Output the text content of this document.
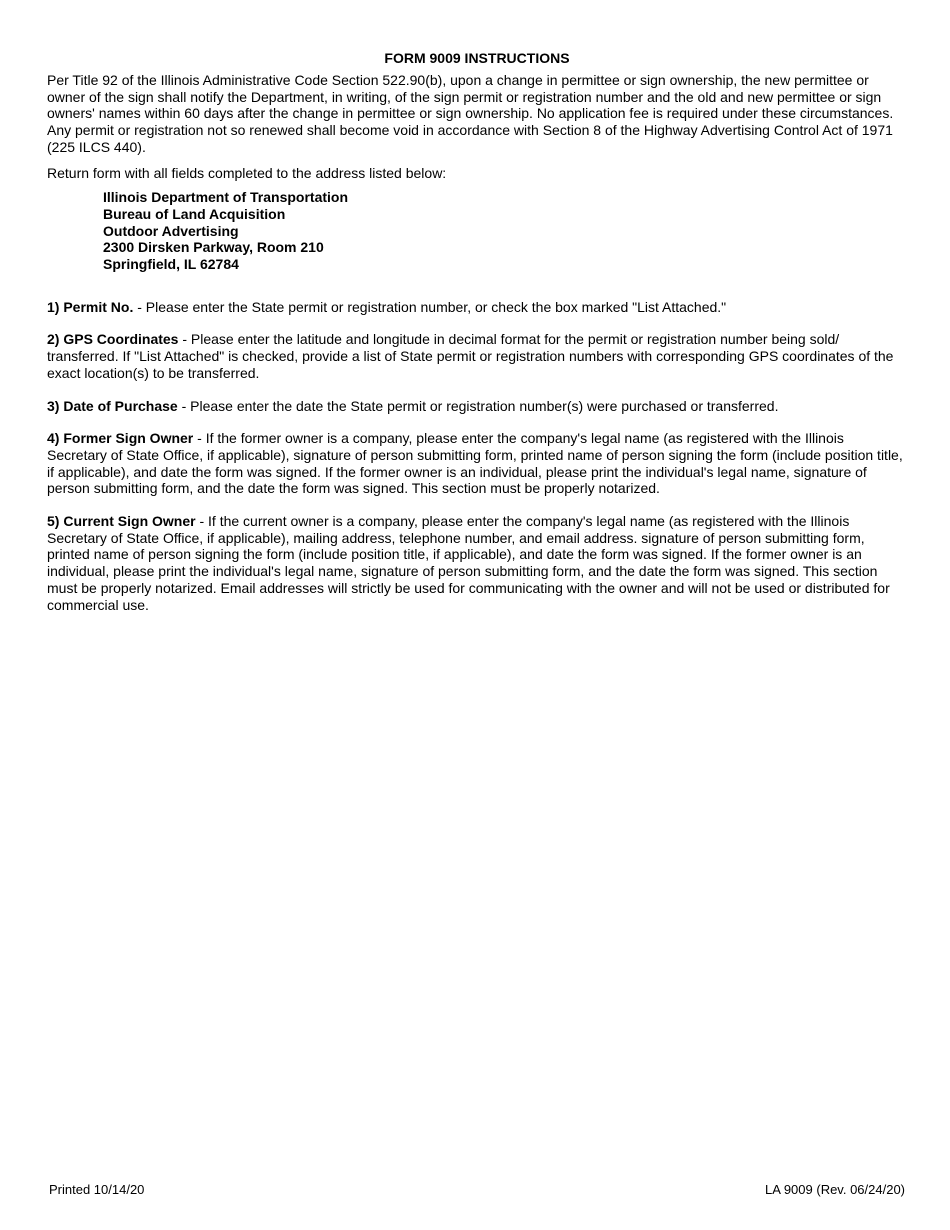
FORM 9009 INSTRUCTIONS

Per Title 92 of the Illinois Administrative Code Section 522.90(b), upon a change in permittee or sign ownership, the new permittee or owner of the sign shall notify the Department, in writing, of the sign permit or registration number and the old and new permittee or sign owners' names within 60 days after the change in permittee or sign ownership. No application fee is required under these circumstances. Any permit or registration not so renewed shall become void in accordance with Section 8 of the Highway Advertising Control Act of 1971 (225 ILCS 440).

Return form with all fields completed to the address listed below:

Illinois Department of Transportation
Bureau of Land Acquisition
Outdoor Advertising
2300 Dirsken Parkway, Room 210
Springfield, IL 62784

1) Permit No. - Please enter the State permit or registration number, or check the box marked "List Attached."

2) GPS Coordinates - Please enter the latitude and longitude in decimal format for the permit or registration number being sold/ transferred. If "List Attached" is checked, provide a list of State permit or registration numbers with corresponding GPS coordinates of the exact location(s) to be transferred.

3) Date of Purchase - Please enter the date the State permit or registration number(s) were purchased or transferred.

4) Former Sign Owner - If the former owner is a company, please enter the company's legal name (as registered with the Illinois Secretary of State Office, if applicable), signature of person submitting form, printed name of person signing the form (include position title, if applicable), and date the form was signed. If the former owner is an individual, please print the individual's legal name, signature of person submitting form, and the date the form was signed. This section must be properly notarized.

5) Current Sign Owner - If the current owner is a company, please enter the company's legal name (as registered with the Illinois Secretary of State Office, if applicable), mailing address, telephone number, and email address. signature of person submitting form, printed name of person signing the form (include position title, if applicable), and date the form was signed. If the former owner is an individual, please print the individual's legal name, signature of person submitting form, and the date the form was signed. This section must be properly notarized. Email addresses will strictly be used for communicating with the owner and will not be used or distributed for commercial use.

Printed 10/14/20	LA 9009 (Rev. 06/24/20)
